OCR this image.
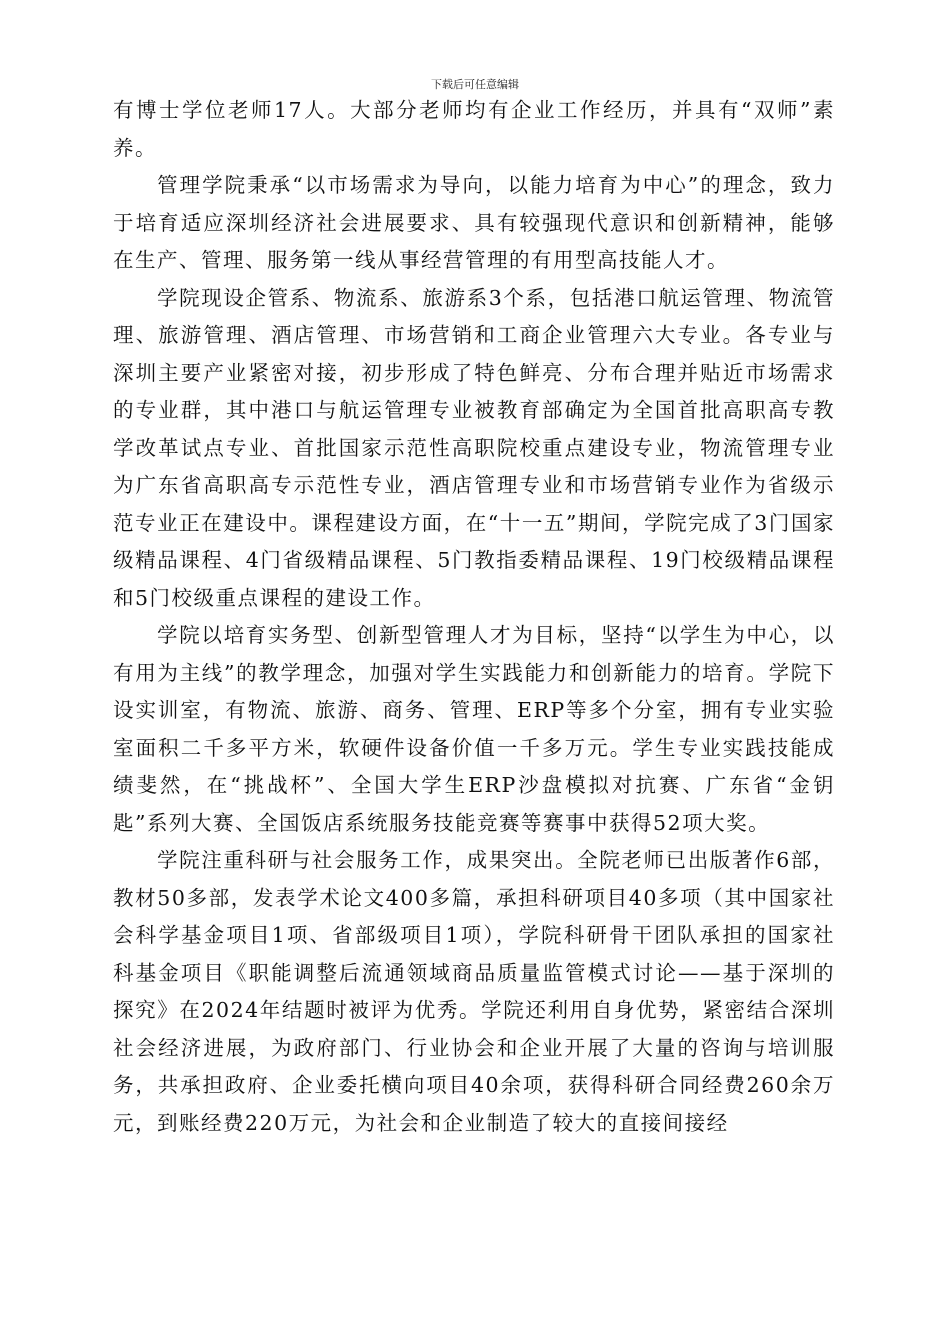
下载后可任意编辑

有博士学位老师17人。大部分老师均有企业工作经历，并具有“双师”素养。

管理学院秉承“以市场需求为导向，以能力培育为中心”的理念，致力于培育适应深圳经济社会进展要求、具有较强现代意识和创新精神，能够在生产、管理、服务第一线从事经营管理的有用型高技能人才。

学院现设企管系、物流系、旅游系3个系，包括港口航运管理、物流管理、旅游管理、酒店管理、市场营销和工商企业管理六大专业。各专业与深圳主要产业紧密对接，初步形成了特色鲜亮、分布合理并贴近市场需求的专业群，其中港口与航运管理专业被教育部确定为全国首批高职高专教学改革试点专业、首批国家示范性高职院校重点建设专业，物流管理专业为广东省高职高专示范性专业，酒店管理专业和市场营销专业作为省级示范专业正在建设中。课程建设方面，在“十一五”期间，学院完成了3门国家级精品课程、4门省级精品课程、5门教指委精品课程、19门校级精品课程和5门校级重点课程的建设工作。

学院以培育实务型、创新型管理人才为目标，坚持“以学生为中心，以有用为主线”的教学理念，加强对学生实践能力和创新能力的培育。学院下设实训室，有物流、旅游、商务、管理、ERP等多个分室，拥有专业实验室面积二千多平方米，软硬件设备价值一千多万元。学生专业实践技能成绩斐然，在“挑战杯”、全国大学生ERP沙盘模拟对抗赛、广东省“金钥匙”系列大赛、全国饭店系统服务技能竞赛等赛事中获得52项大奖。

学院注重科研与社会服务工作，成果突出。全院老师已出版著作6部，教材50多部，发表学术论文400多篇，承担科研项目40多项（其中国家社会科学基金项目1项、省部级项目1项），学院科研骨干团队承担的国家社科基金项目《职能调整后流通领域商品质量监管模式讨论——基于深圳的探究》在2024年结题时被评为优秀。学院还利用自身优势，紧密结合深圳社会经济进展，为政府部门、行业协会和企业开展了大量的咨询与培训服务，共承担政府、企业委托横向项目40余项，获得科研合同经费260余万元，到账经费220万元，为社会和企业制造了较大的直接间接经
